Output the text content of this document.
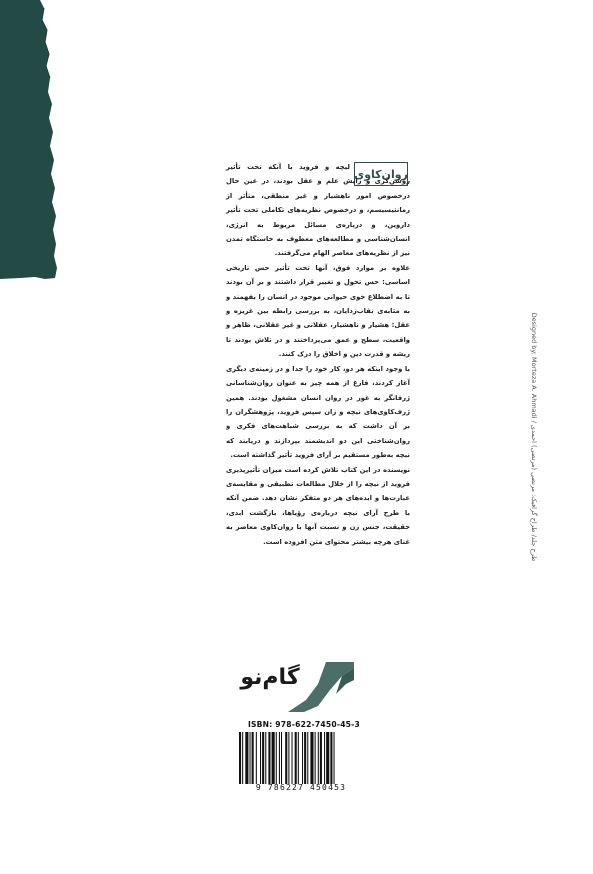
روان‌کاوی

لیچه و فروید با آنکه تحت تأثیر روشن‌گری و زایش علم و عقل بودند، در عین حال درخصوص امور ناهشیار و غیر منطقی، متأثر از رمانتیسیسم، و درخصوص نظریه‌های تکاملی تحت تأثیر داروین، و درباره‌ی مسائل مربوط به انرژی، انسان‌شناسی و مطالعه‌های معطوف به خاستگاه تمدن نیز از نظریه‌های معاصر الهام می‌گرفتند.

علاوه بر موارد فوق، آنها تحت تأثیر حس تاریخی اساسی: حس تحول و تغییر قرار داشتند و بر آن بودند تا به اضطلاع خوی حیوانی موجود در انسان را بفهمند و به مثابه‌ی نقاب‌زدایان، به بررسی رابطه بین غریزه و عقل: هشیار و ناهشیار، عقلانی و غیر عقلانی، ظاهر و واقعیت، سطح و عمق می‌پرداختند و در تلاش بودند تا ریشه و قدرت دین و اخلاق را درک کنند.

با وجود اینکه هر دو، کار خود را جدا و در زمینه‌ی دیگری آغاز کردند، فارغ از همه چیز به عنوان روان‌شناسانی ژرفانگر به غور در روان انسان مشغول بودند. همین ژرف‌کاوی‌های نیچه و زان سپس فروید، پژوهشگران را بر آن داشت که به بررسی شباهت‌های فکری و روان‌شناختی این دو اندیشمند بپردازند و دریابند که نیچه به‌طور مستقیم بر آرای فروید تأثیر گذاشته است.

نویسنده در این کتاب تلاش کرده است میزان تأثیرپذیری فروید از نیچه را از خلال مطالعات تطبیقی و مقایسه‌ی عبارت‌ها و ایده‌های هر دو متفکر نشان دهد. ضمن آنکه با طرح آرای نیچه درباره‌ی رؤیاها، بازگشت ابدی، حقیقت، جنس زن و نسبت آنها با روان‌کاوی معاصر به غنای هرچه بیشتر محتوای متن افزوده است.

طرح جلد/ طراح گرافیک: مرتضی (مرتضی) احمدی / Designed by: Morteza A. Ahmadi
گام‌نو
ISBN: 978-622-7450-45-3
9 786227 450453
